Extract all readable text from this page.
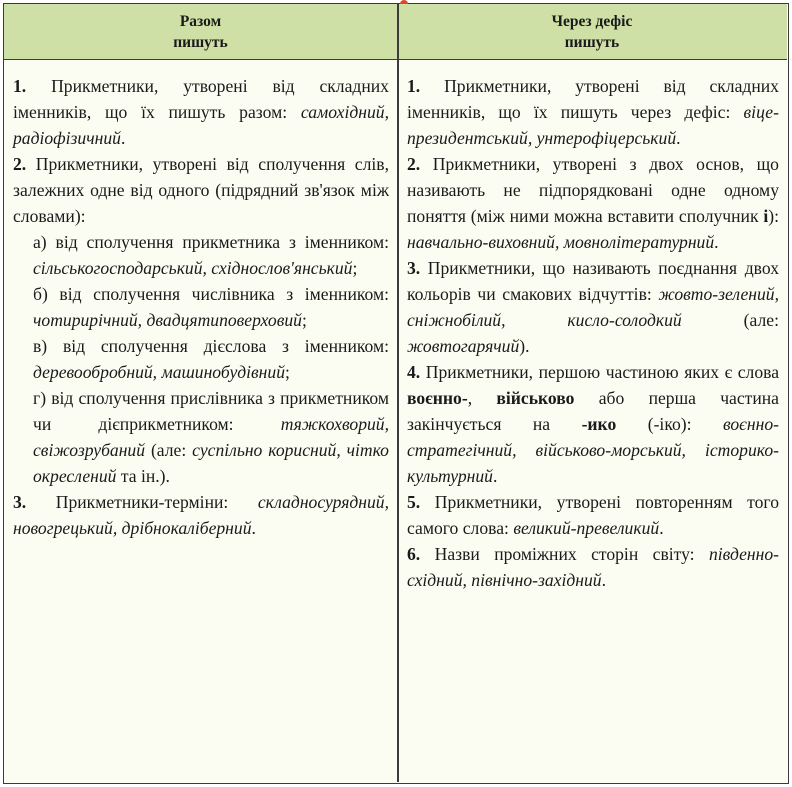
Разом
пишуть
Через дефіс
пишуть

1. Прикметники, утворені від складних іменників, що їх пишуть разом: самохідний, радіофізичний.

2. Прикметники, утворені від сполучення слів, залежних одне від одного (підрядний зв'язок між словами):

а) від сполучення прикметника з іменником: сільськогосподарський, східнослов'янський;

б) від сполучення числівника з іменником: чотирирічний, двадцятиповерховий;

в) від сполучення дієслова з іменником: деревообробний, машинобудівний;

г) від сполучення прислівника з прикметником чи дієприкметником:	тяжкохворий, свіжозрубаний (але: суспільно корисний, чітко окреслений та ін.).

3. Прикметники-терміни: складносурядний, новогрецький, дрібнокаліберний.

1. Прикметники, утворені від складних іменників, що їх пишуть через дефіс: віце-президентський, унтерофіцерський.

2. Прикметники, утворені з двох основ, що називають не підпорядковані одне одному поняття (між ними можна вставити сполучник і): навчально-виховний, мовнолітературний.

3. Прикметники, що називають поєднання двох кольорів чи смакових відчуттів: жовто-зелений, сніжнобілий, кисло-солодкий	(але: жовтогарячий).

4. Прикметники, першою частиною яких є слова воєнно-, військово або перша частина закінчується на -ико (-іко): воєнно-стратегічний, військово-морський, історико-культурний.

5. Прикметники, утворені повторенням того самого слова: великий-превеликий.

6. Назви проміжних сторін світу: південно-східний, північно-західний.
